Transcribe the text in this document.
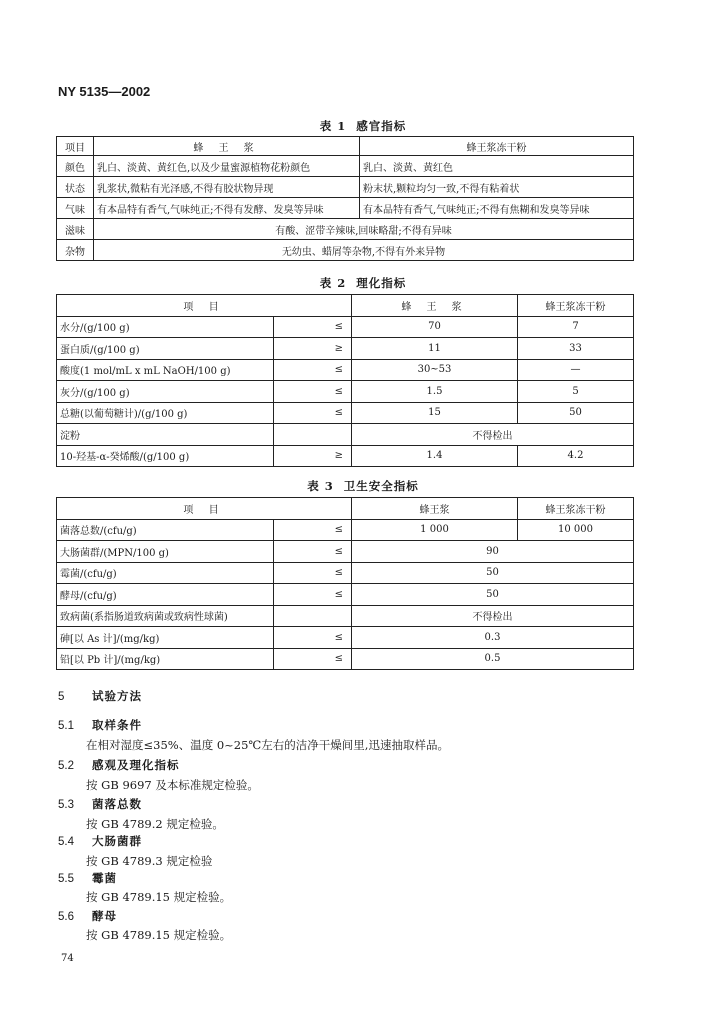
NY 5135—2002
表 1 感官指标
项目	蜂 王 浆	蜂王浆冻干粉
颜色	乳白、淡黄、黄红色,以及少量蜜源植物花粉颜色	乳白、淡黄、黄红色
状态	乳浆状,微粘有光泽感,不得有胶状物异现	粉末状,颗粒均匀一致,不得有粘着状
气味	有本品特有香气,气味纯正;不得有发酵、发臭等异味	有本品特有香气,气味纯正;不得有焦糊和发臭等异味
滋味	有酸、涩带辛辣味,回味略甜;不得有异味	
杂物	无幼虫、蜡屑等杂物,不得有外来异物	
表 2 理化指标
项 目		蜂 王 浆	蜂王浆冻干粉
水分/(g/100 g)	≤	70	7
蛋白质/(g/100 g)	≥	11	33
酸度(1 mol/mL x mL NaOH/100 g)	≤	30~53	—
灰分/(g/100 g)	≤	1.5	5
总糖(以葡萄糖计)/(g/100 g)	≤	15	50
淀粉		不得检出	
10-羟基-α-癸烯酸/(g/100 g)	≥	1.4	4.2
表 3 卫生安全指标
项 目		蜂王浆	蜂王浆冻干粉
菌落总数/(cfu/g)	≤	1 000	10 000
大肠菌群/(MPN/100 g)	≤	90	
霉菌/(cfu/g)	≤	50	
酵母/(cfu/g)	≤	50	
致病菌(系指肠道致病菌或致病性球菌)		不得检出	
砷[以 As 计]/(mg/kg)	≤	0.3	
铅[以 Pb 计]/(mg/kg)	≤	0.5	
5 试验方法
5.1 取样条件
在相对湿度≤35%、温度 0~25℃左右的洁净干燥间里,迅速抽取样品。
5.2 感观及理化指标
按 GB 9697 及本标准规定检验。
5.3 菌落总数
按 GB 4789.2 规定检验。
5.4 大肠菌群
按 GB 4789.3 规定检验
5.5 霉菌
按 GB 4789.15 规定检验。
5.6 酵母
按 GB 4789.15 规定检验。
74
